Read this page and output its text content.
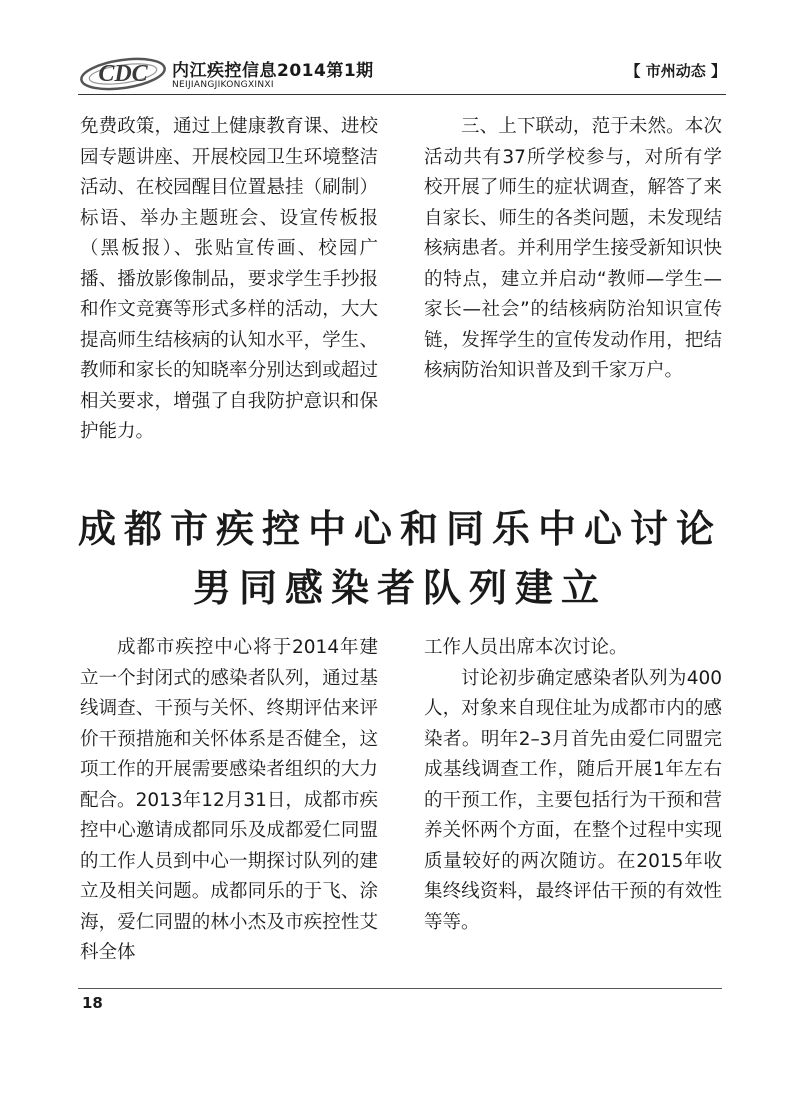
CDC 内江疾控信息2014第1期
NEIJIANGJIKONGXINXI
【 市州动态 】

免费政策，通过上健康教育课、进校园专题讲座、开展校园卫生环境整洁活动、在校园醒目位置悬挂（刷制）标语、举办主题班会、设宣传板报（黑板报）、张贴宣传画、校园广播、播放影像制品，要求学生手抄报和作文竞赛等形式多样的活动，大大提高师生结核病的认知水平，学生、教师和家长的知晓率分别达到或超过相关要求，增强了自我防护意识和保护能力。

三、上下联动，范于未然。本次活动共有37所学校参与，对所有学校开展了师生的症状调查，解答了来自家长、师生的各类问题，未发现结核病患者。并利用学生接受新知识快的特点，建立并启动“教师—学生—家长—社会”的结核病防治知识宣传链，发挥学生的宣传发动作用，把结核病防治知识普及到千家万户。

成都市疾控中心和同乐中心讨论
男同感染者队列建立

成都市疾控中心将于2014年建立一个封闭式的感染者队列，通过基线调查、干预与关怀、终期评估来评价干预措施和关怀体系是否健全，这项工作的开展需要感染者组织的大力配合。2013年12月31日，成都市疾控中心邀请成都同乐及成都爱仁同盟的工作人员到中心一期探讨队列的建立及相关问题。成都同乐的于飞、涂海，爱仁同盟的林小杰及市疾控性艾科全体

工作人员出席本次讨论。

讨论初步确定感染者队列为400人，对象来自现住址为成都市内的感染者。明年2–3月首先由爱仁同盟完成基线调查工作，随后开展1年左右的干预工作，主要包括行为干预和营养关怀两个方面，在整个过程中实现质量较好的两次随访。在2015年收集终线资料，最终评估干预的有效性等等。

18
